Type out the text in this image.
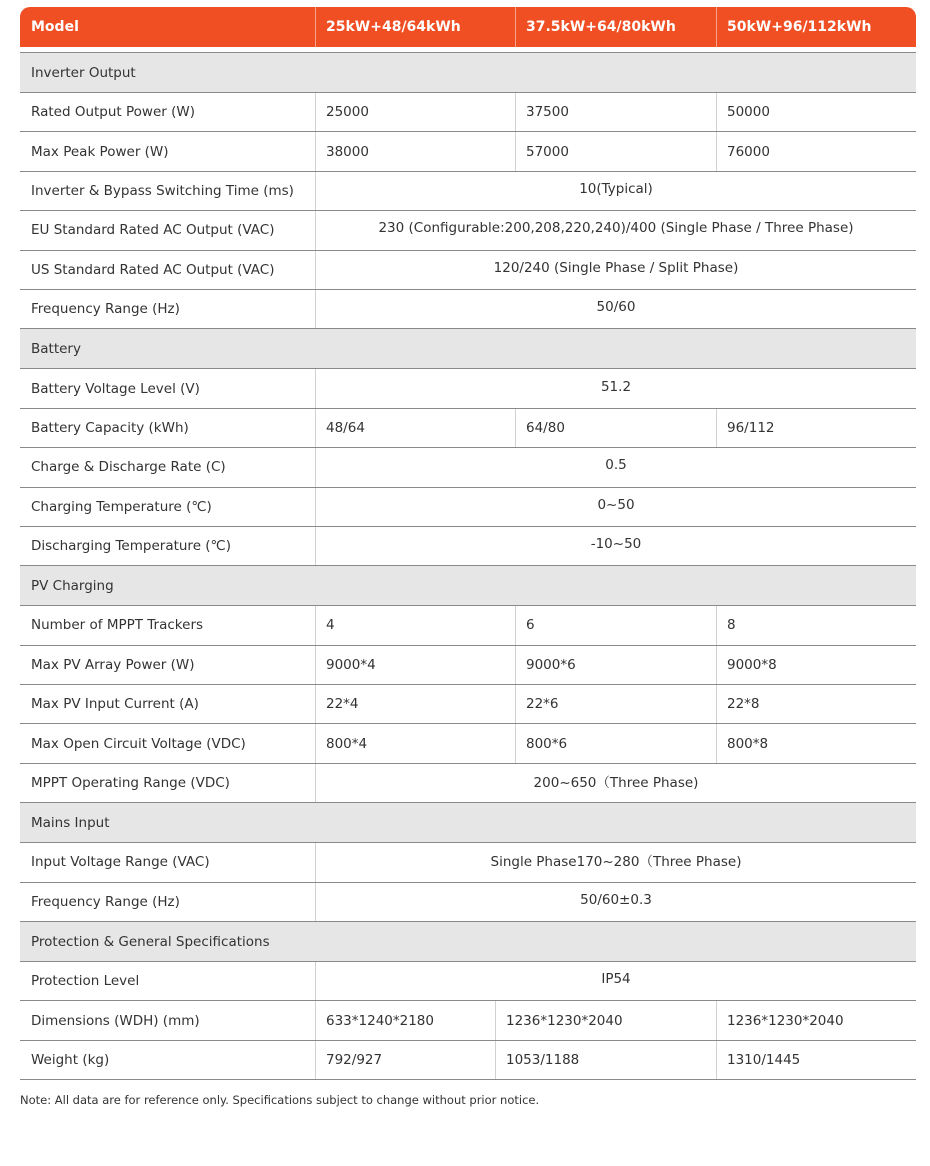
Model	25kW+48/64kWh	37.5kW+64/80kWh	50kW+96/112kWh
Inverter Output
Rated Output Power (W)	25000	37500	50000
Max Peak Power (W)	38000	57000	76000
Inverter & Bypass Switching Time (ms)	10(Typical)
EU Standard Rated AC Output (VAC)	230 (Configurable:200,208,220,240)/400 (Single Phase / Three Phase)
US Standard Rated AC Output (VAC)	120/240 (Single Phase / Split Phase)
Frequency Range (Hz)	50/60
Battery
Battery Voltage Level (V)	51.2
Battery Capacity (kWh)	48/64	64/80	96/112
Charge & Discharge Rate (C)	0.5
Charging Temperature (℃)	0~50
Discharging Temperature (℃)	-10~50
PV Charging
Number of MPPT Trackers	4	6	8
Max PV Array Power (W)	9000*4	9000*6	9000*8
Max PV Input Current (A)	22*4	22*6	22*8
Max Open Circuit Voltage (VDC)	800*4	800*6	800*8
MPPT Operating Range (VDC)	200~650（Three Phase)
Mains Input
Input Voltage Range (VAC)	Single Phase170~280（Three Phase)
Frequency Range (Hz)	50/60±0.3
Protection & General Specifications
Protection Level	IP54
Dimensions (WDH) (mm)	633*1240*2180	1236*1230*2040	1236*1230*2040
Weight (kg)	792/927	1053/1188	1310/1445
Note: All data are for reference only. Specifications subject to change without prior notice.
